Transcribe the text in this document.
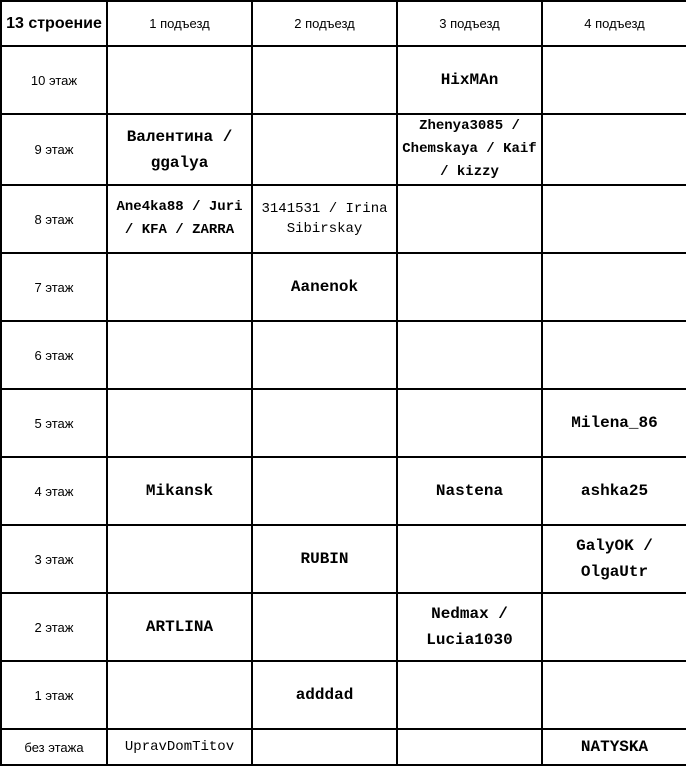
13 строение	1 подъезд	2 подъезд	3 подъезд	4 подъезд
10 этаж			HixMAn	
9 этаж	Валентина / ggalya		Zhenya3085 / Chemskaya / Kaif / kizzy	
8 этаж	Ane4ka88 / Juri / KFA / ZARRA	3141531 / Irina Sibirskay		
7 этаж		Aanenok		
6 этаж				
5 этаж				Milena_86
4 этаж	Mikansk		Nastena	ashka25
3 этаж		RUBIN		GalyOK / OlgaUtr
2 этаж	ARTLINA		Nedmax / Lucia1030	
1 этаж		adddad		
без этажа	UpravDomTitov			NATYSKA
